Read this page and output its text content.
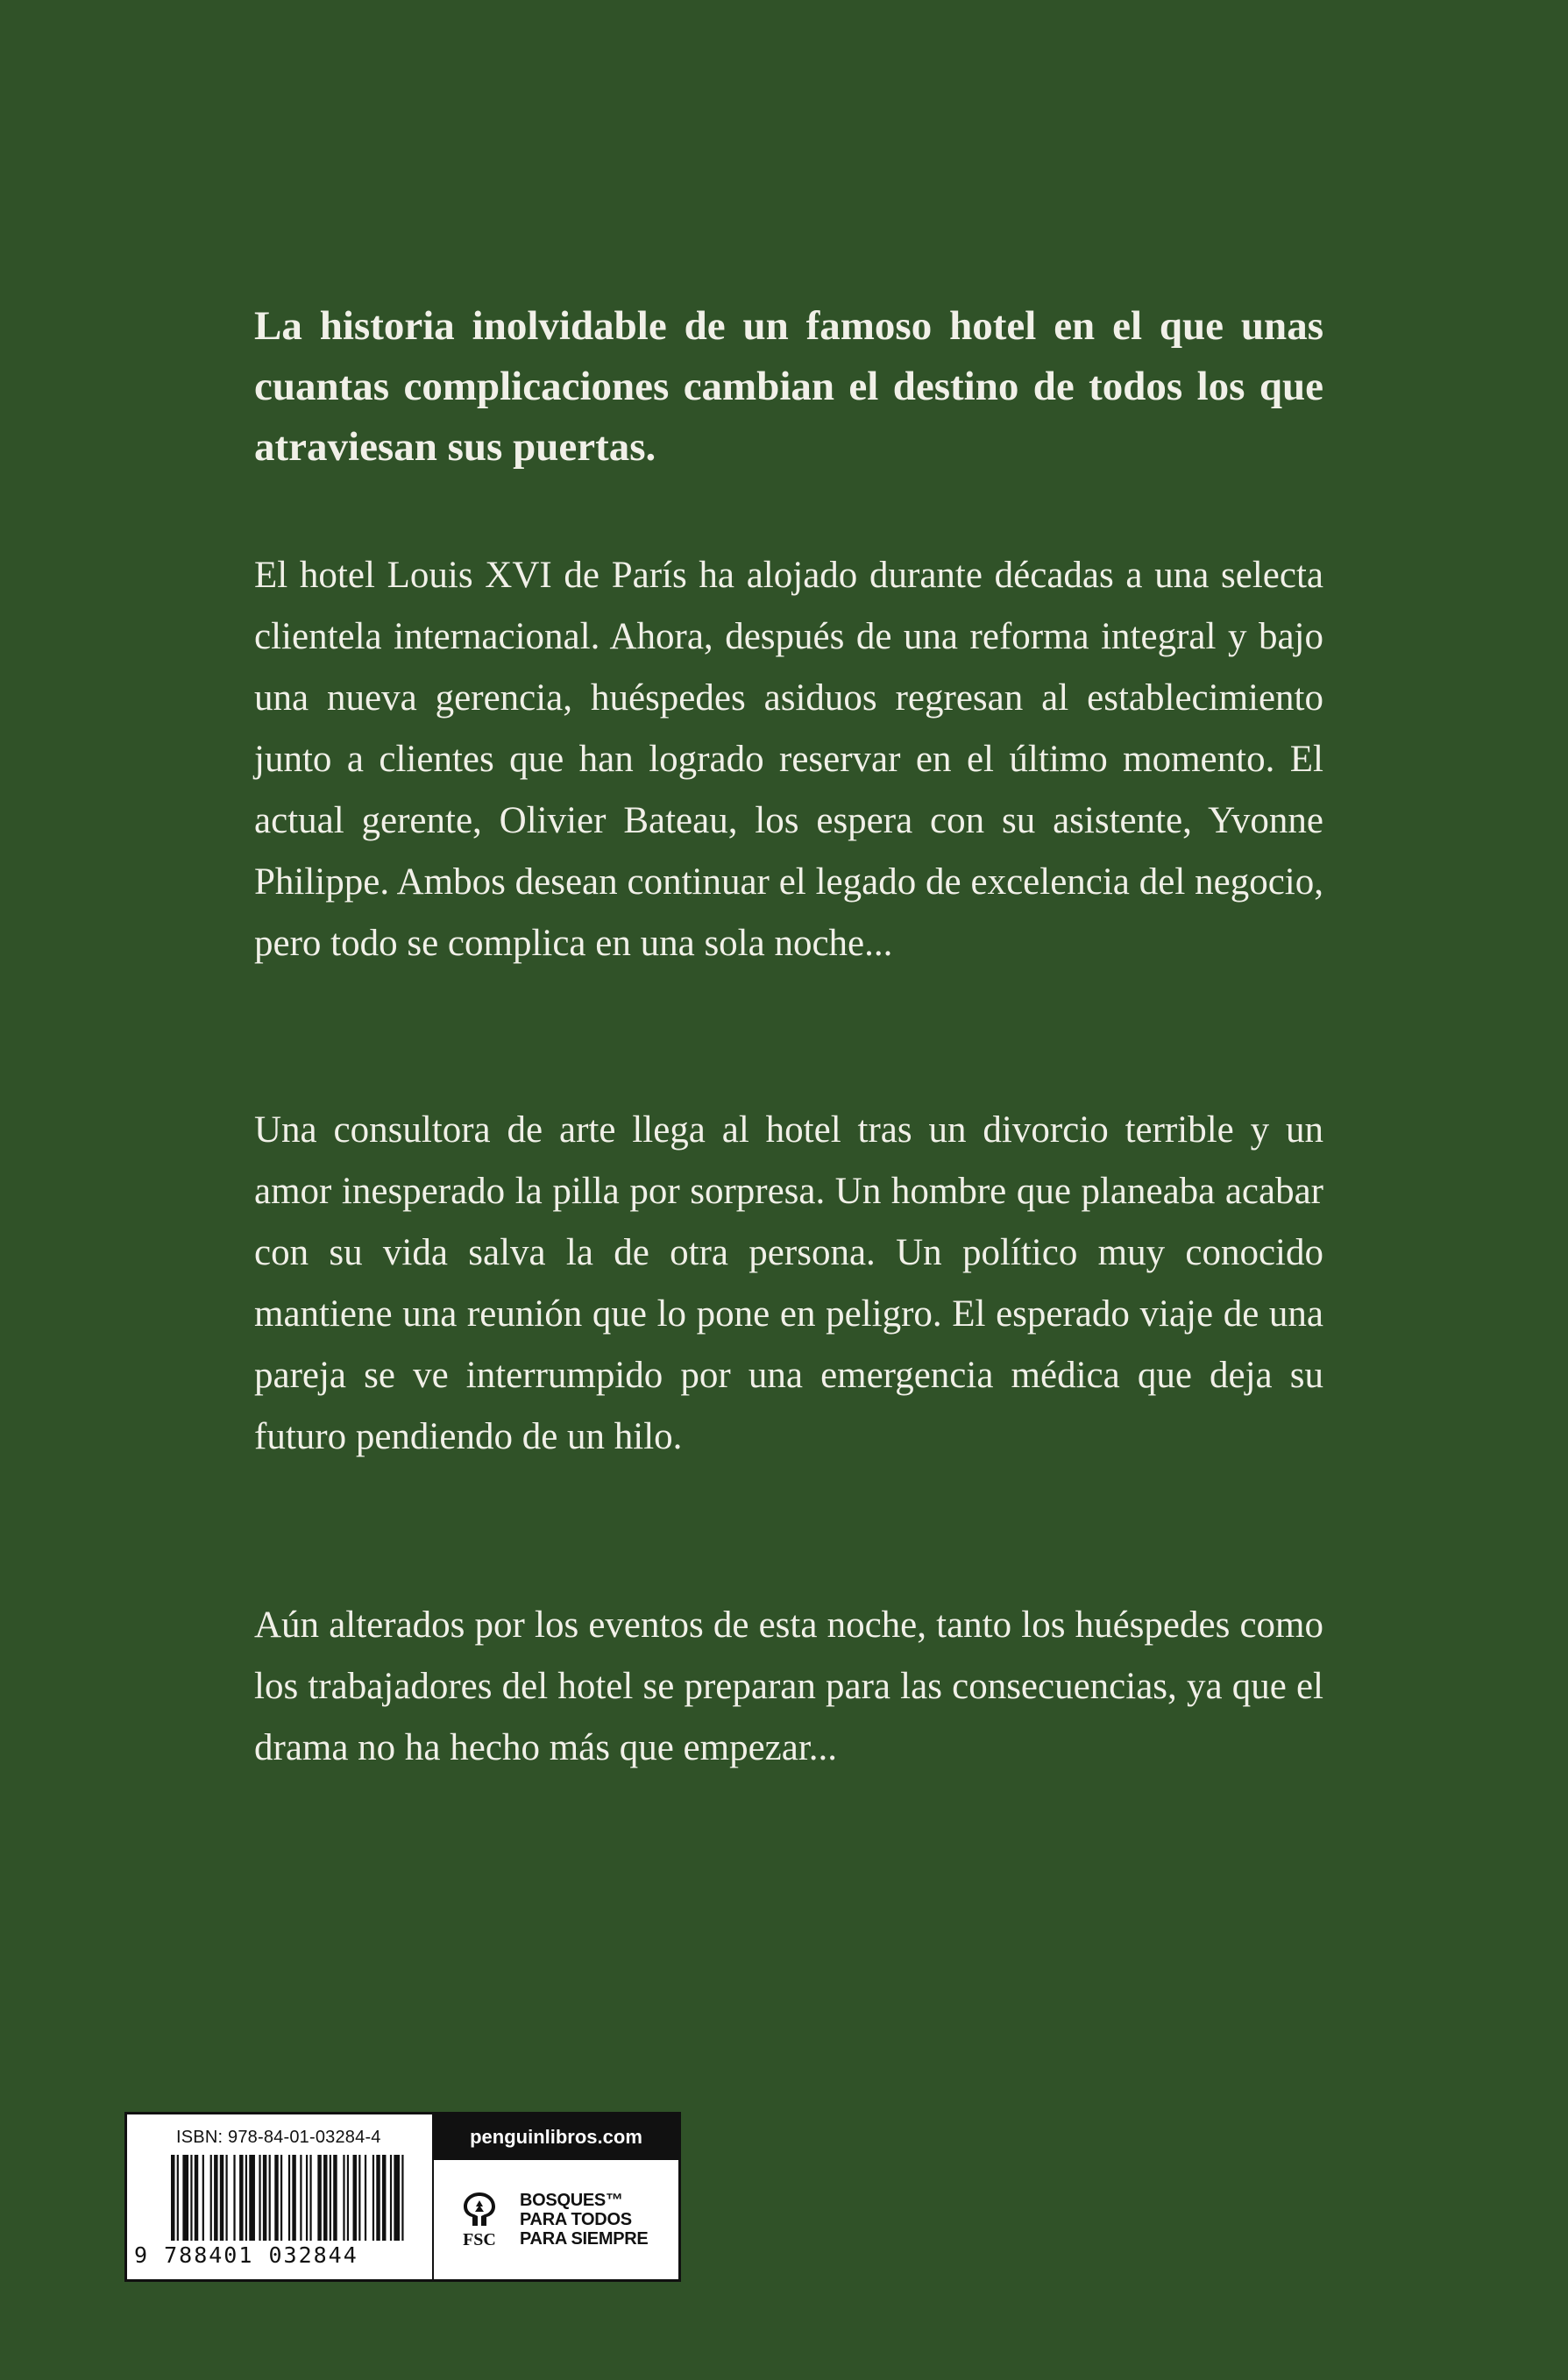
La historia inolvidable de un famoso hotel en el que unas cuantas complicaciones cambian el destino de todos los que atraviesan sus puertas.

El hotel Louis XVI de París ha alojado durante décadas a una selecta clientela internacional. Ahora, después de una reforma integral y bajo una nueva gerencia, huéspedes asiduos regresan al establecimiento junto a clientes que han logrado reservar en el último momento. El actual gerente, Olivier Bateau, los espera con su asistente, Yvonne Philippe. Ambos desean continuar el legado de excelencia del negocio, pero todo se complica en una sola noche...

Una consultora de arte llega al hotel tras un divorcio terrible y un amor inesperado la pilla por sorpresa. Un hombre que planeaba acabar con su vida salva la de otra persona. Un político muy conocido mantiene una reunión que lo pone en peligro. El esperado viaje de una pareja se ve interrumpido por una emergencia médica que deja su futuro pendiendo de un hilo.

Aún alterados por los eventos de esta noche, tanto los huéspedes como los trabajadores del hotel se preparan para las consecuencias, ya que el drama no ha hecho más que empezar...

ISBN: 978-84-01-03284-4
9 788401 032844
penguinlibros.com
FSC
BOSQUES™
PARA TODOS
PARA SIEMPRE
